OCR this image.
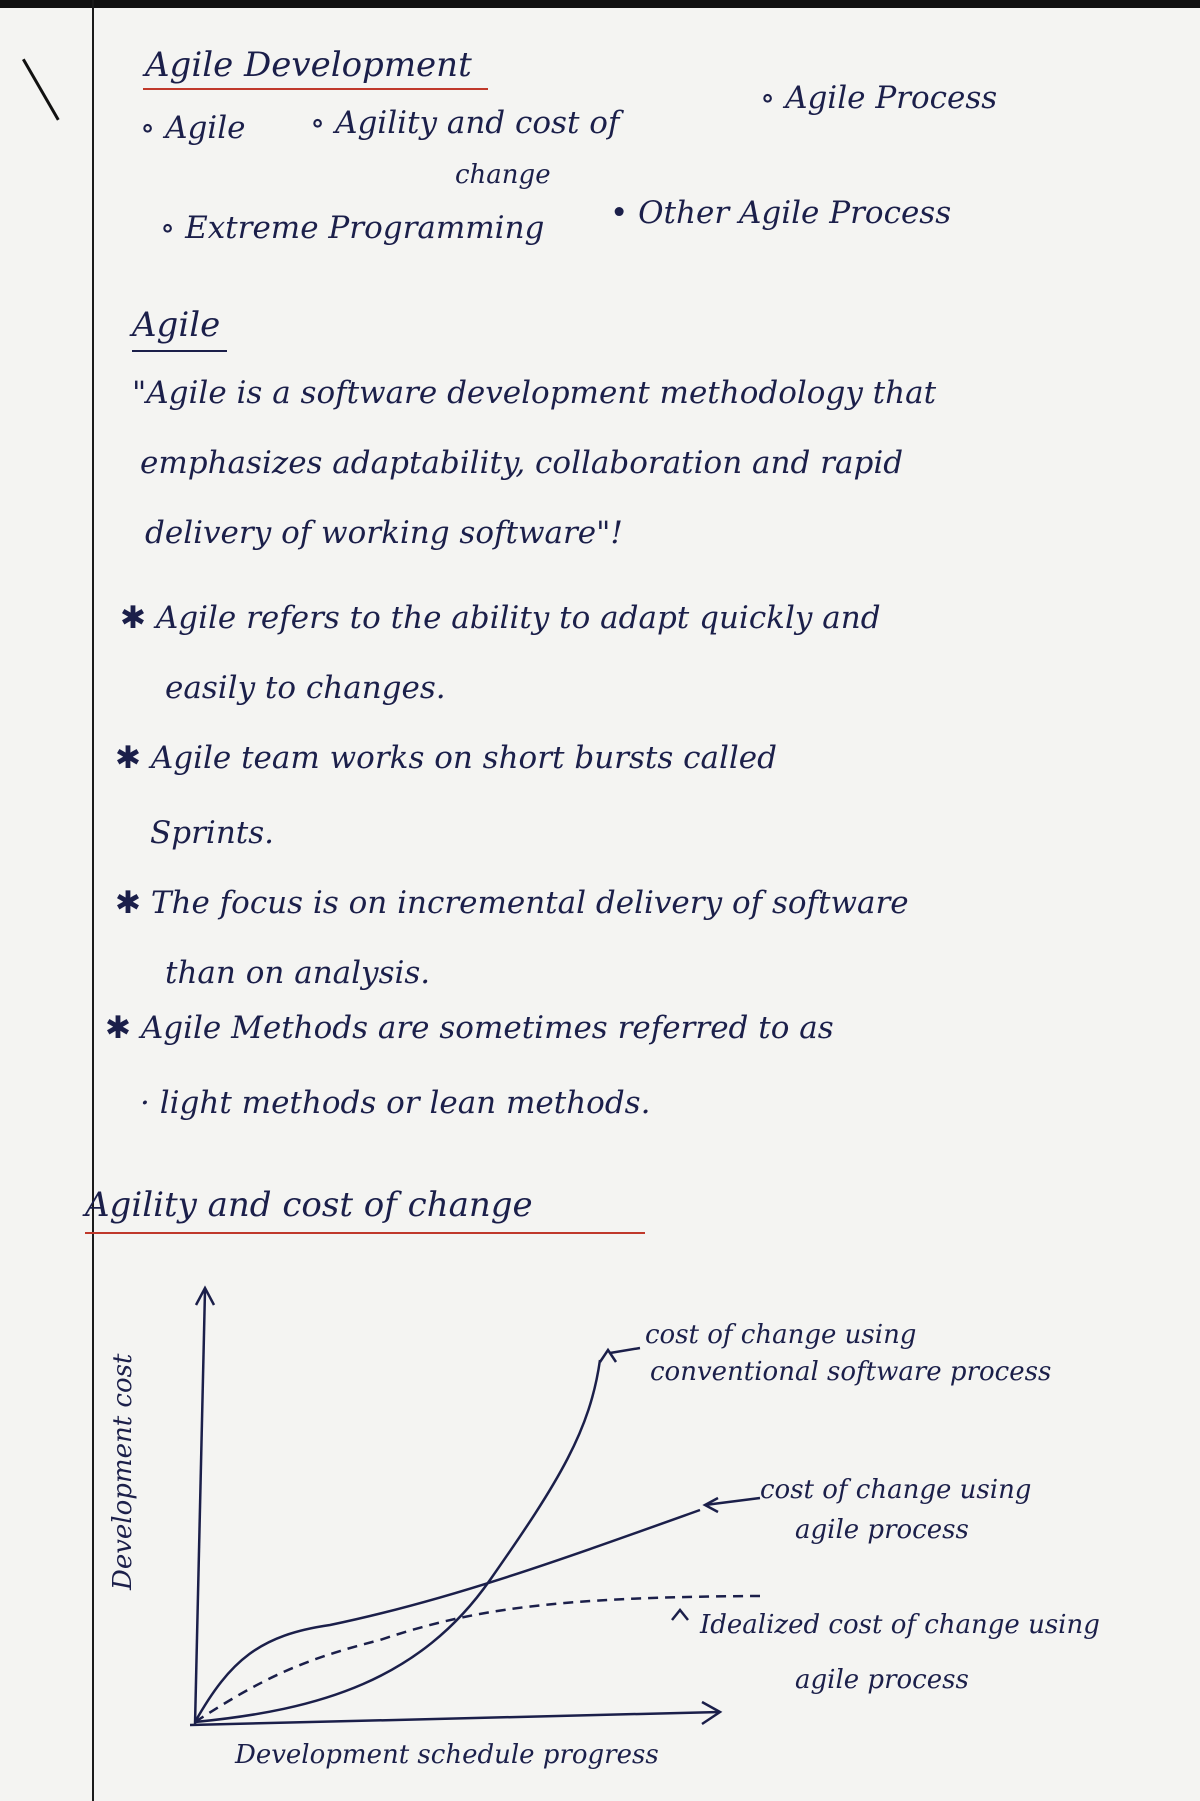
Agile Development
∘ Agile ∘ Agility and cost of
change
∘ Agile Process
∘ Extreme Programming • Other Agile Process
Agile
"Agile is a software development methodology that
emphasizes adaptability, collaboration and rapid
delivery of working software"!
✱ Agile refers to the ability to adapt quickly and
easily to changes.
✱ Agile team works on short bursts called
Sprints.
✱ The focus is on incremental delivery of software
than on analysis.
✱ Agile Methods are sometimes referred to as
· light methods or lean methods.
Agility and cost of change
cost of change using
conventional software process
cost of change using
agile process
Idealized cost of change using
agile process
Development cost
Development schedule progress
